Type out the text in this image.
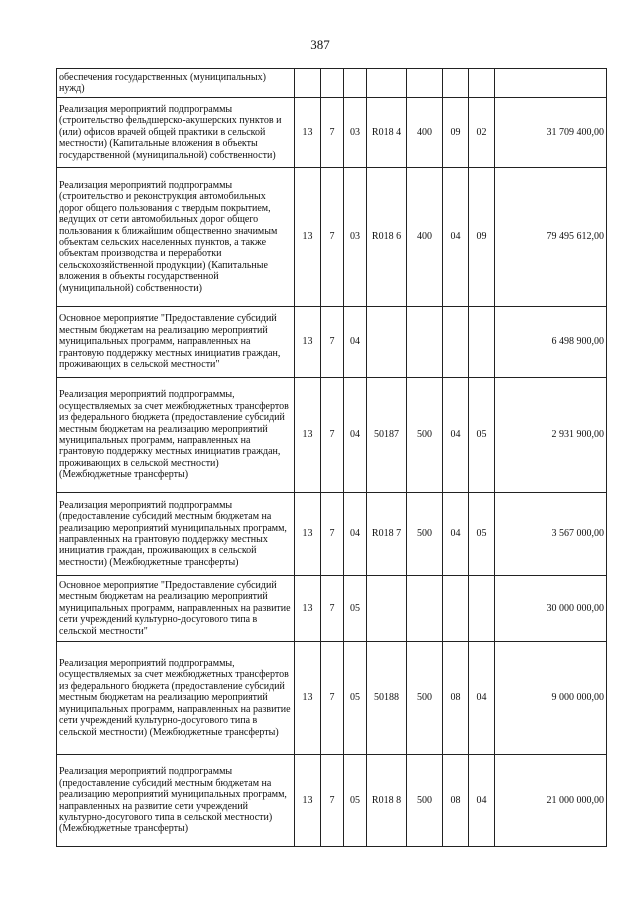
387
обеспечения государственных (муниципальных) нужд)								
Реализация мероприятий подпрограммы (строительство фельдшерско-акушерских пунктов и (или) офисов врачей общей практики в сельской местности) (Капитальные вложения в объекты государственной (муниципальной) собственности)	13	7	03	R018 4	400	09	02	31 709 400,00
Реализация мероприятий подпрограммы (строительство и реконструкция автомобильных дорог общего пользования с твердым покрытием, ведущих от сети автомобильных дорог общего пользования к ближайшим общественно значимым объектам сельских населенных пунктов, а также объектам производства и переработки сельскохозяйственной продукции) (Капитальные вложения в объекты государственной (муниципальной) собственности)	13	7	03	R018 6	400	04	09	79 495 612,00
Основное мероприятие "Предоставление субсидий местным бюджетам на реализацию мероприятий муниципальных программ, направленных на грантовую поддержку местных инициатив граждан, проживающих в сельской местности"	13	7	04					6 498 900,00
Реализация мероприятий подпрограммы, осуществляемых за счет межбюджетных трансфертов из федерального бюджета (предоставление субсидий местным бюджетам на реализацию мероприятий муниципальных программ, направленных на грантовую поддержку местных инициатив граждан, проживающих в сельской местности) (Межбюджетные трансферты)	13	7	04	50187	500	04	05	2 931 900,00
Реализация мероприятий подпрограммы (предоставление субсидий местным бюджетам на реализацию мероприятий муниципальных программ, направленных на грантовую поддержку местных инициатив граждан, проживающих в сельской местности) (Межбюджетные трансферты)	13	7	04	R018 7	500	04	05	3 567 000,00
Основное мероприятие "Предоставление субсидий местным бюджетам на реализацию мероприятий муниципальных программ, направленных на развитие сети учреждений культурно-досугового типа в сельской местности"	13	7	05					30 000 000,00
Реализация мероприятий подпрограммы, осуществляемых за счет межбюджетных трансфертов из федерального бюджета (предоставление субсидий местным бюджетам на реализацию мероприятий муниципальных программ, направленных на развитие сети учреждений культурно-досугового типа в сельской местности) (Межбюджетные трансферты)	13	7	05	50188	500	08	04	9 000 000,00
Реализация мероприятий подпрограммы (предоставление субсидий местным бюджетам на реализацию мероприятий муниципальных программ, направленных на развитие сети учреждений культурно-досугового типа в сельской местности) (Межбюджетные трансферты)	13	7	05	R018 8	500	08	04	21 000 000,00
